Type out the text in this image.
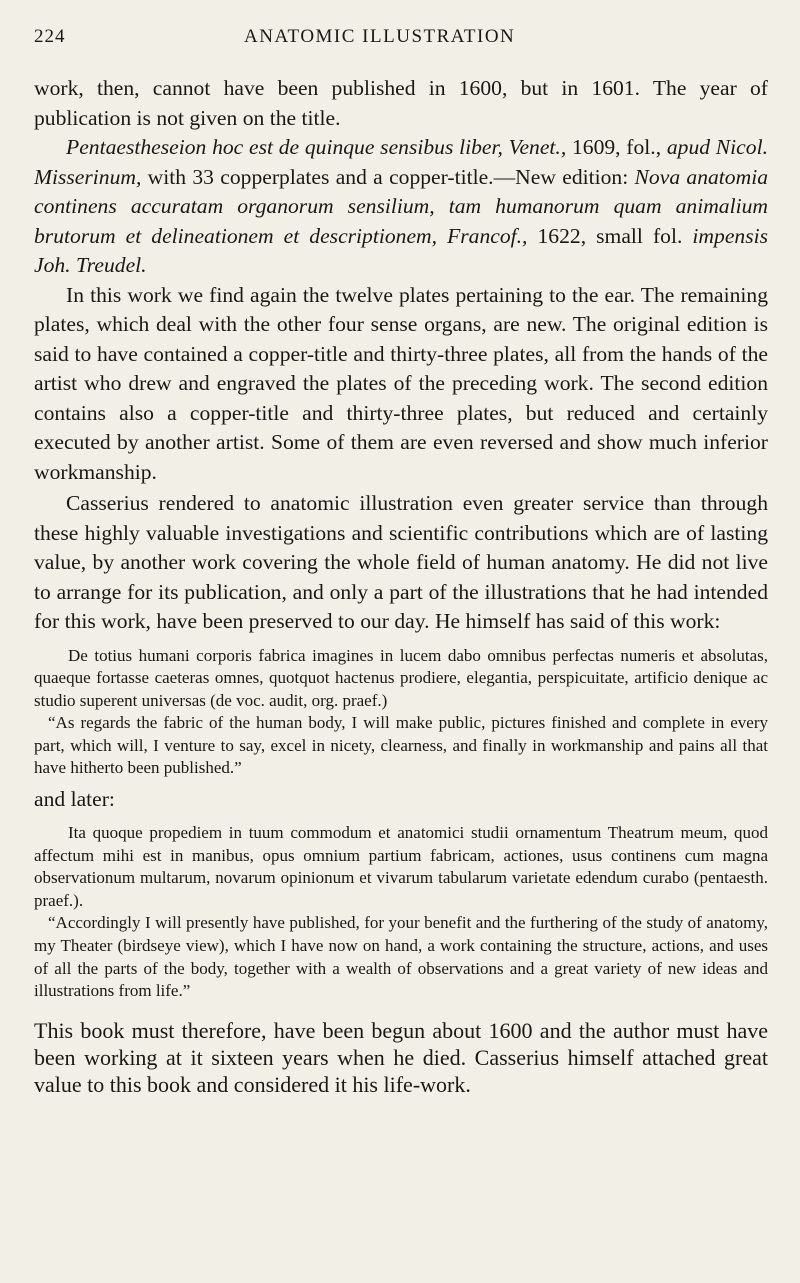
224	ANATOMIC ILLUSTRATION

work, then, cannot have been published in 1600, but in 1601. The year of publication is not given on the title.

Pentaestheseion hoc est de quinque sensibus liber, Venet., 1609, fol., apud Nicol. Misserinum, with 33 copperplates and a copper-title.—New edition: Nova anatomia continens accuratam organorum sensilium, tam humanorum quam animalium brutorum et delineationem et descriptionem, Francof., 1622, small fol. impensis Joh. Treudel.

In this work we find again the twelve plates pertaining to the ear. The remaining plates, which deal with the other four sense organs, are new. The original edition is said to have contained a copper-title and thirty-three plates, all from the hands of the artist who drew and engraved the plates of the preceding work. The second edition contains also a copper-title and thirty-three plates, but reduced and certainly executed by another artist. Some of them are even reversed and show much inferior workmanship.

Casserius rendered to anatomic illustration even greater service than through these highly valuable investigations and scientific contributions which are of lasting value, by another work covering the whole field of human anatomy. He did not live to arrange for its publication, and only a part of the illustrations that he had intended for this work, have been preserved to our day. He himself has said of this work:

De totius humani corporis fabrica imagines in lucem dabo omnibus perfectas numeris et absolutas, quaeque fortasse caeteras omnes, quotquot hactenus prodiere, elegantia, perspicuitate, artificio denique ac studio superent universas (de voc. audit, org. praef.)

“As regards the fabric of the human body, I will make public, pictures finished and complete in every part, which will, I venture to say, excel in nicety, clearness, and finally in workmanship and pains all that have hitherto been published.”

and later:

Ita quoque propediem in tuum commodum et anatomici studii ornamentum Theatrum meum, quod affectum mihi est in manibus, opus omnium partium fabricam, actiones, usus continens cum magna observationum multarum, novarum opinionum et vivarum tabularum varietate edendum curabo (pentaesth. praef.).

“Accordingly I will presently have published, for your benefit and the furthering of the study of anatomy, my Theater (birdseye view), which I have now on hand, a work containing the structure, actions, and uses of all the parts of the body, together with a wealth of observations and a great variety of new ideas and illustrations from life.”

This book must therefore, have been begun about 1600 and the author must have been working at it sixteen years when he died. Casserius himself attached great value to this book and considered it his life-work.
